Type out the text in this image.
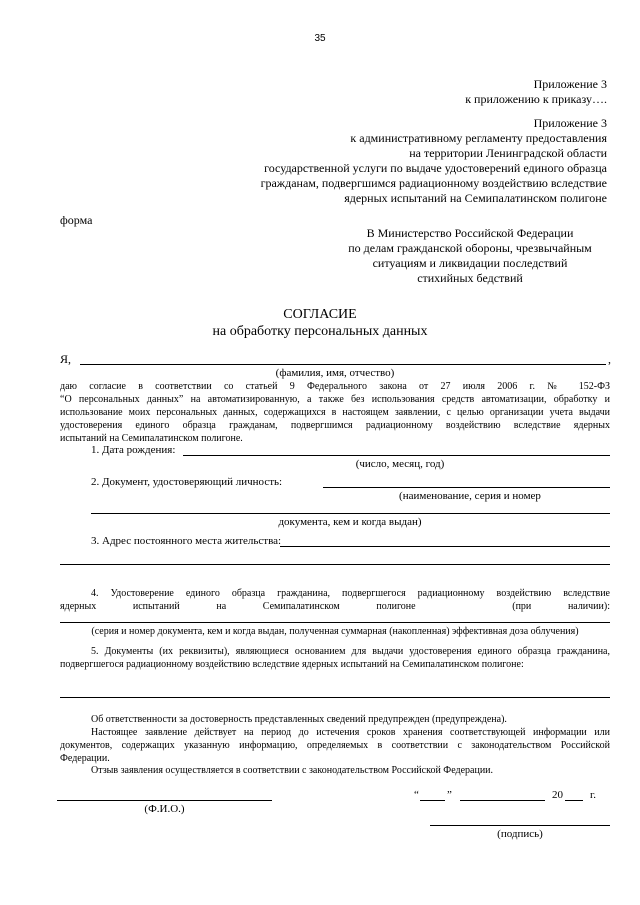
35
Приложение 3
к приложению к приказу….
Приложение 3
к административному регламенту предоставления
на территории Ленинградской области
государственной услуги по выдаче удостоверений единого образца
гражданам, подвергшимся радиационному воздействию вследствие
ядерных испытаний на Семипалатинском полигоне
форма
В Министерство Российской Федерации
по делам гражданской обороны, чрезвычайным
ситуациям и ликвидации последствий
стихийных бедствий
СОГЛАСИЕ
на обработку персональных данных
Я,	,
(фамилия, имя, отчество)
даю согласие в соответствии со статьей 9 Федерального закона от 27 июля 2006 г. № 152-ФЗ
“О персональных данных” на автоматизированную, а также без использования средств автоматизации, обработку и
использование моих персональных данных, содержащихся в настоящем заявлении, с целью организации учета выдачи
удостоверения единого образца гражданам, подвергшимся радиационному воздействию вследствие ядерных
испытаний на Семипалатинском полигоне.
1. Дата рождения:
(число, месяц, год)
2. Документ, удостоверяющий личность:
(наименование, серия и номер
документа, кем и когда выдан)
3. Адрес постоянного места жительства:
4. Удостоверение единого образца гражданина, подвергшегося радиационному воздействию вследствие
ядерных	испытаний	на	Семипалатинском	полигоне	(при	наличии):
(серия и номер документа, кем и когда выдан, полученная суммарная (накопленная) эффективная доза облучения)
5. Документы (их реквизиты), являющиеся основанием для выдачи удостоверения единого образца гражданина,
подвергшегося радиационному воздействию вследствие ядерных испытаний на Семипалатинском полигоне:
Об ответственности за достоверность представленных сведений предупрежден (предупреждена).
Настоящее заявление действует на период до истечения сроков хранения соответствующей информации или
документов, содержащих указанную информацию, определяемых в соответствии с законодательством Российской
Федерации.
Отзыв заявления осуществляется в соответствии с законодательством Российской Федерации.
(Ф.И.О.)
“	”	20 г.
(подпись)
